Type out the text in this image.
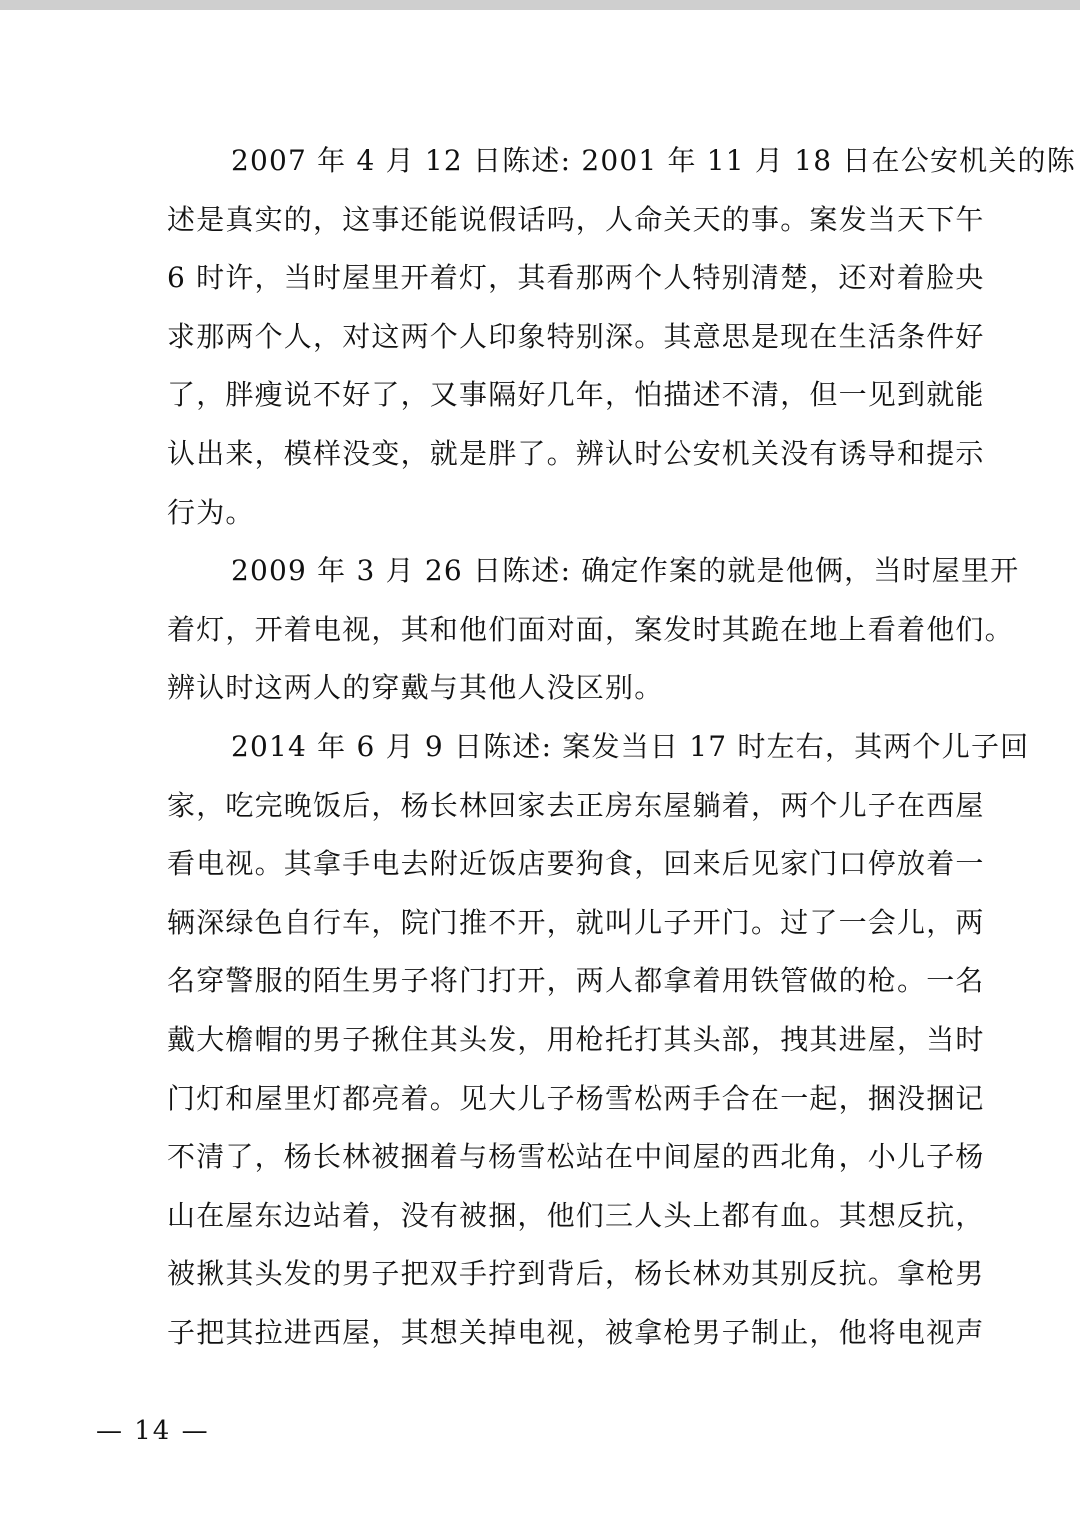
2007 年 4 月 12 日陈述: 2001 年 11 月 18 日在公安机关的陈
述是真实的，这事还能说假话吗，人命关天的事。案发当天下午
6 时许，当时屋里开着灯，其看那两个人特别清楚，还对着脸央
求那两个人，对这两个人印象特别深。其意思是现在生活条件好
了，胖瘦说不好了，又事隔好几年，怕描述不清，但一见到就能
认出来，模样没变，就是胖了。辨认时公安机关没有诱导和提示
行为。
2009 年 3 月 26 日陈述: 确定作案的就是他俩，当时屋里开
着灯，开着电视，其和他们面对面，案发时其跪在地上看着他们。
辨认时这两人的穿戴与其他人没区别。
2014 年 6 月 9 日陈述: 案发当日 17 时左右，其两个儿子回
家，吃完晚饭后，杨长林回家去正房东屋躺着，两个儿子在西屋
看电视。其拿手电去附近饭店要狗食，回来后见家门口停放着一
辆深绿色自行车，院门推不开，就叫儿子开门。过了一会儿，两
名穿警服的陌生男子将门打开，两人都拿着用铁管做的枪。一名
戴大檐帽的男子揪住其头发，用枪托打其头部，拽其进屋，当时
门灯和屋里灯都亮着。见大儿子杨雪松两手合在一起，捆没捆记
不清了，杨长林被捆着与杨雪松站在中间屋的西北角，小儿子杨
山在屋东边站着，没有被捆，他们三人头上都有血。其想反抗，
被揪其头发的男子把双手拧到背后，杨长林劝其别反抗。拿枪男
子把其拉进西屋，其想关掉电视，被拿枪男子制止，他将电视声
— 14 —
